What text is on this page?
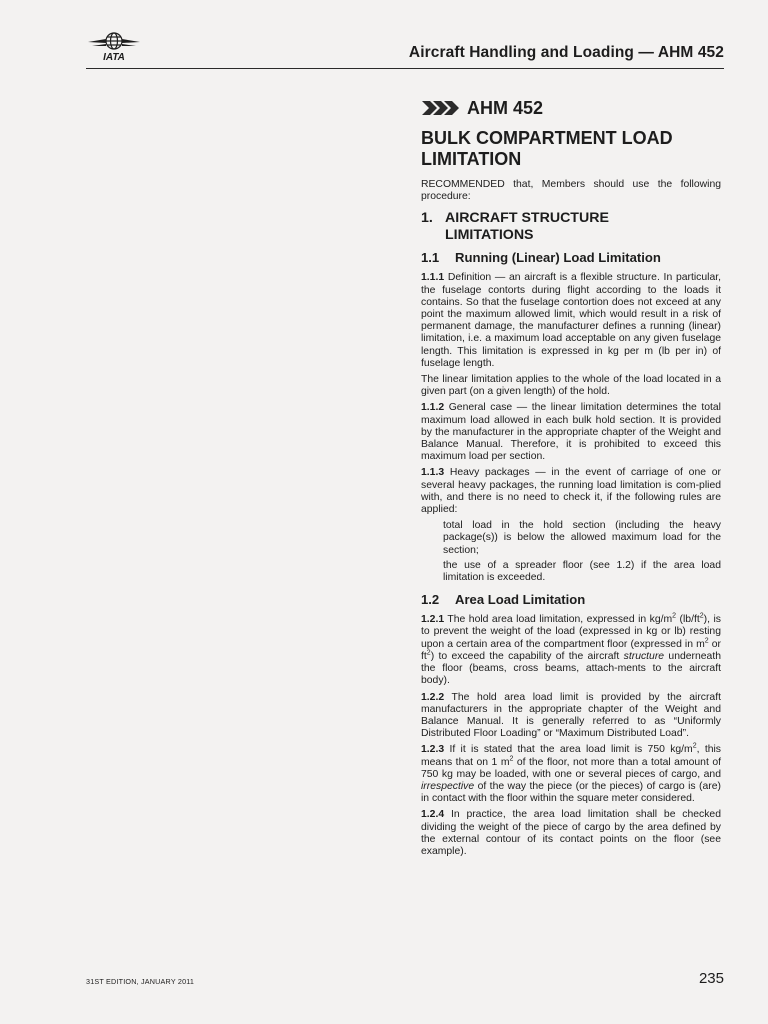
IATA	Aircraft Handling and Loading — AHM 452
AHM 452
BULK COMPARTMENT LOAD
LIMITATION

RECOMMENDED that, Members should use the following procedure:

1. AIRCRAFT STRUCTURE
LIMITATIONS
1.1	Running (Linear) Load Limitation

1.1.1 Definition — an aircraft is a flexible structure. In particular, the fuselage contorts during flight according to the loads it contains. So that the fuselage contortion does not exceed at any point the maximum allowed limit, which would result in a risk of permanent damage, the manufacturer defines a running (linear) limitation, i.e. a maximum load acceptable on any given fuselage length. This limitation is expressed in kg per m (lb per in) of fuselage length.

The linear limitation applies to the whole of the load located in a given part (on a given length) of the hold.

1.1.2 General case — the linear limitation determines the total maximum load allowed in each bulk hold section. It is provided by the manufacturer in the appropriate chapter of the Weight and Balance Manual. Therefore, it is prohibited to exceed this maximum load per section.

1.1.3 Heavy packages — in the event of carriage of one or several heavy packages, the running load limitation is com-plied with, and there is no need to check it, if the following rules are applied:

total load in the hold section (including the heavy package(s)) is below the allowed maximum load for the section;

the use of a spreader floor (see 1.2) if the area load limitation is exceeded.

1.2	Area Load Limitation

1.2.1 The hold area load limitation, expressed in $kg/m^2$ $(lb/ft^2)$, is to prevent the weight of the load (expressed in kg or lb) resting upon a certain area of the compartment floor (expressed in $m^2$ or $ft^2$) to exceed the capability of the aircraft structure underneath the floor (beams, cross beams, attach-ments to the aircraft body).

1.2.2 The hold area load limit is provided by the aircraft manufacturers in the appropriate chapter of the Weight and Balance Manual. It is generally referred to as “Uniformly Distributed Floor Loading” or “Maximum Distributed Load”.

1.2.3 If it is stated that the area load limit is 750 $kg/m^2$, this means that on 1 $m^2$ of the floor, not more than a total amount of 750 kg may be loaded, with one or several pieces of cargo, and irrespective of the way the piece (or the pieces) of cargo is (are) in contact with the floor within the square meter considered.

1.2.4 In practice, the area load limitation shall be checked dividing the weight of the piece of cargo by the area defined by the external contour of its contact points on the floor (see example).

31ST EDITION, JANUARY 2011	235
